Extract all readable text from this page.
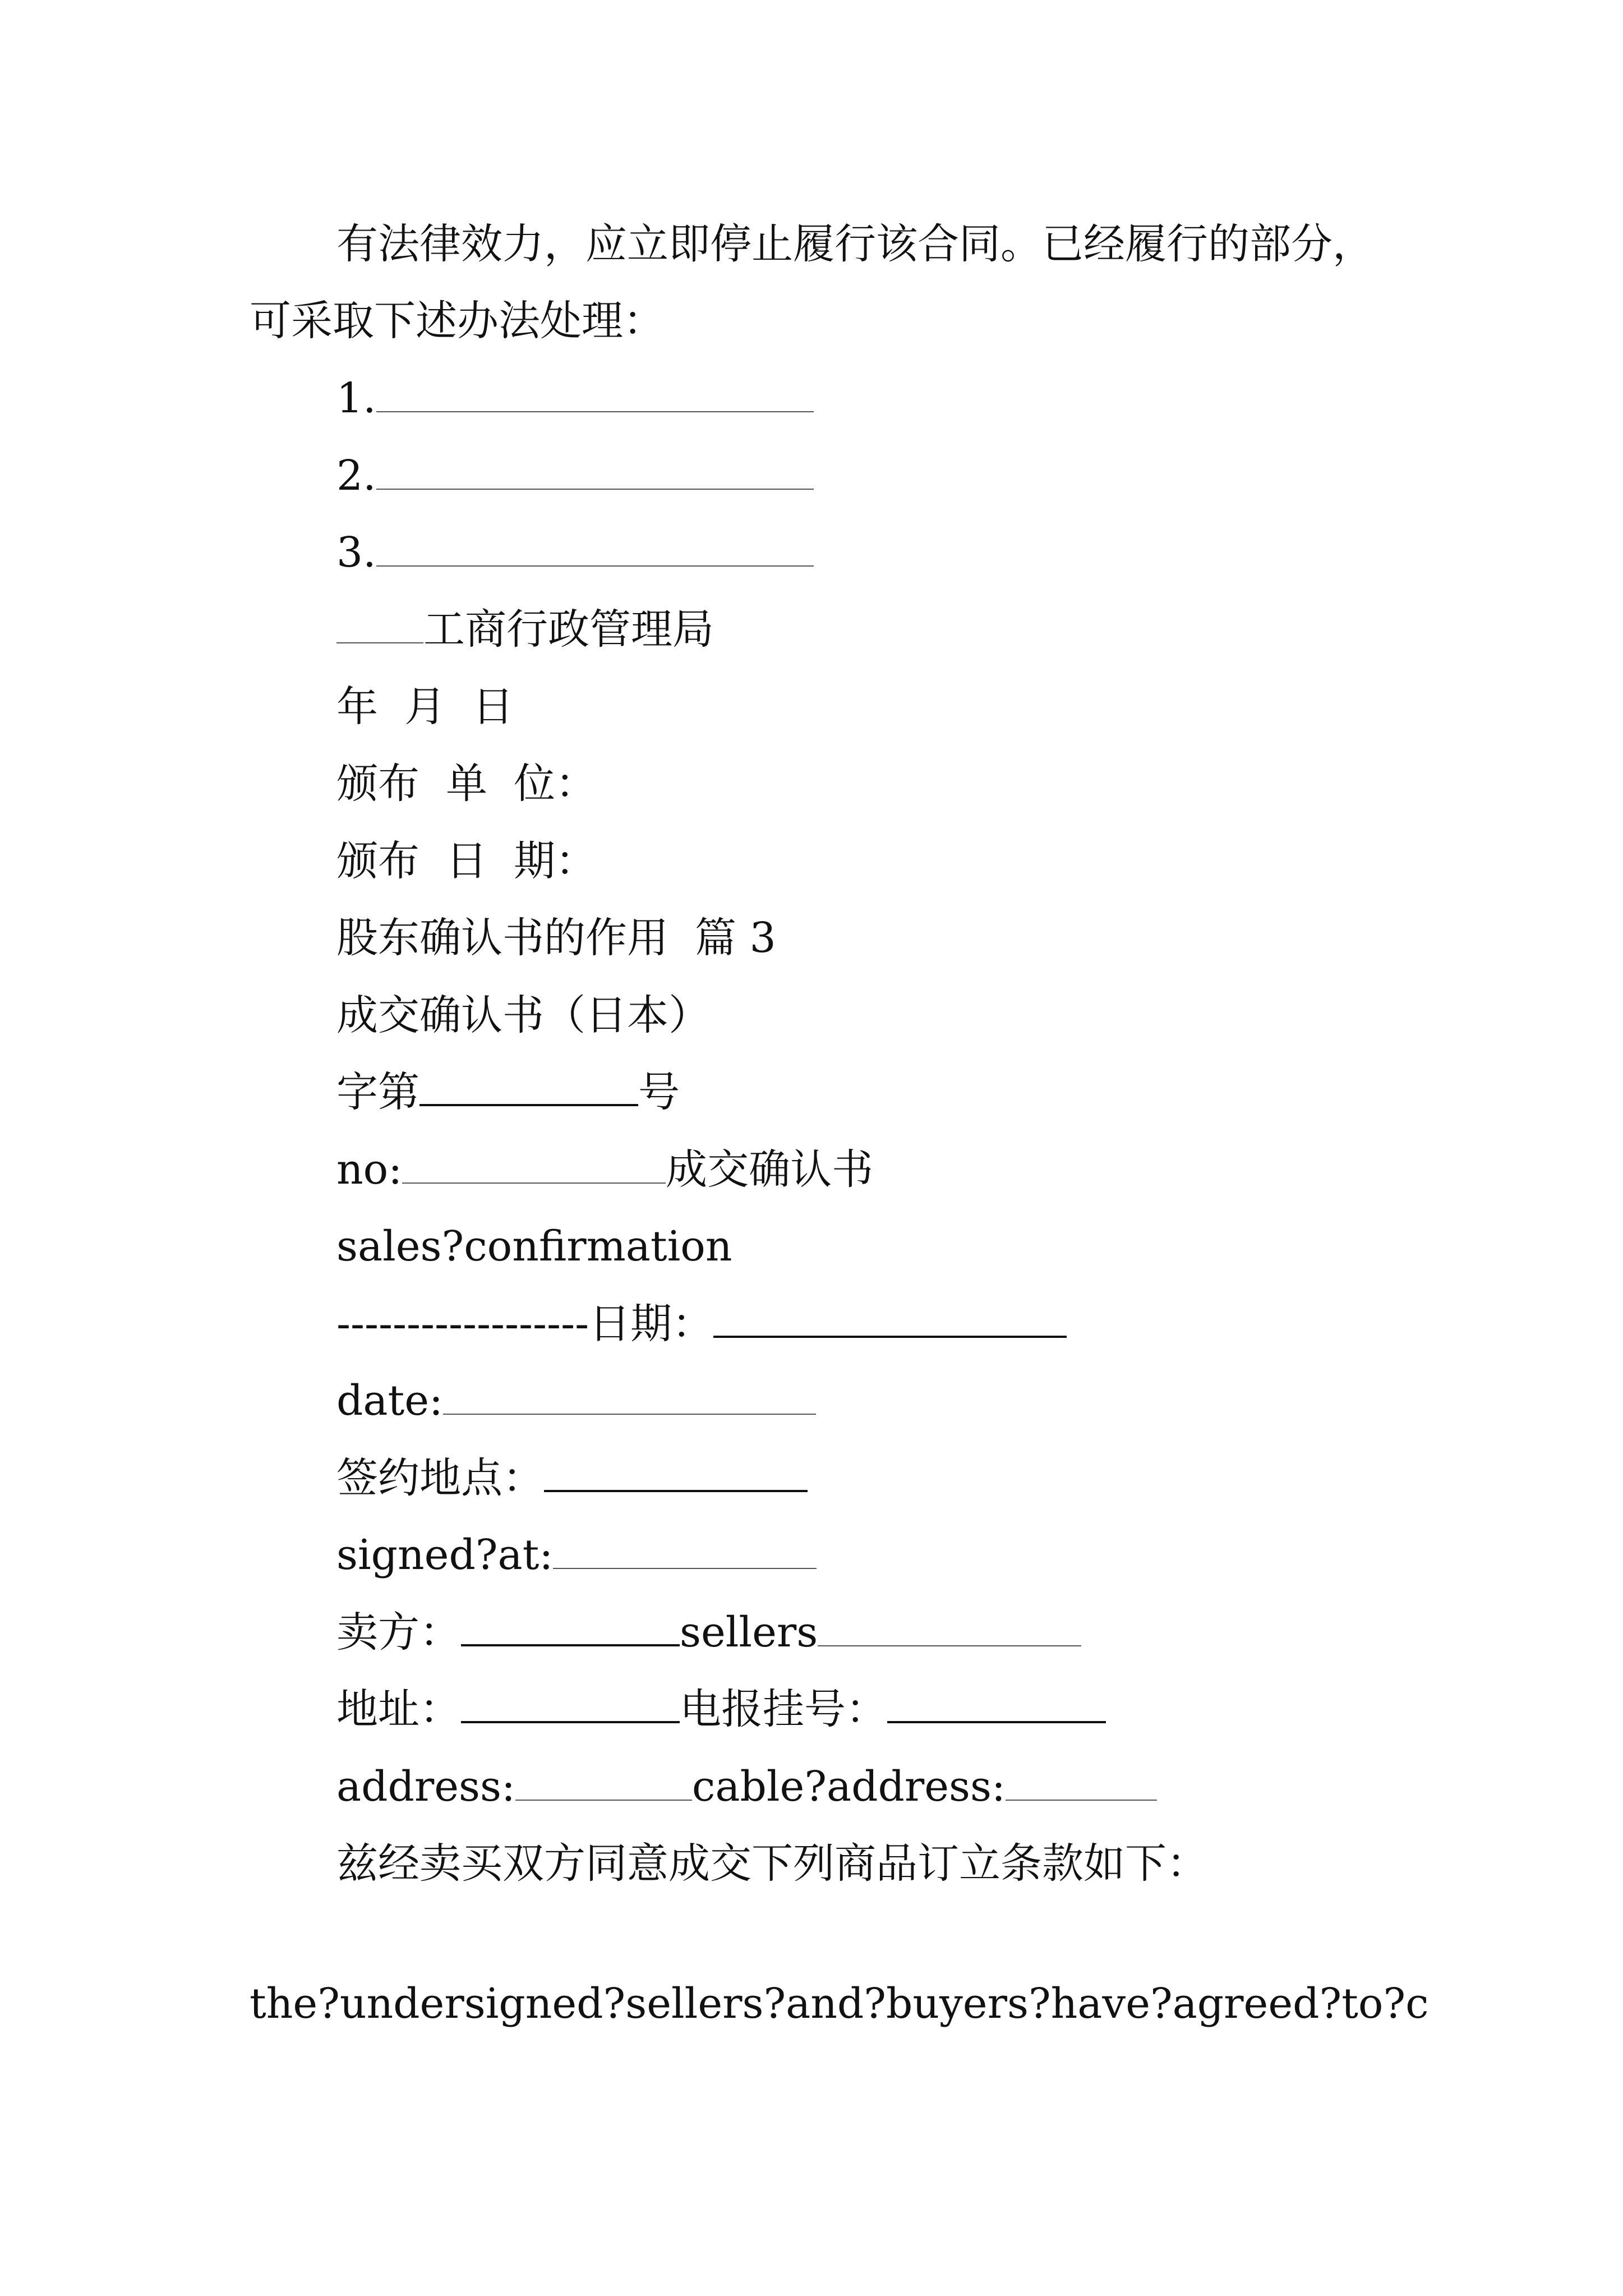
有法律效力，应立即停止履行该合同。已经履行的部分，
可采取下述办法处理：
1.
2.
3.
工商行政管理局
年  月  日
颁布  单  位：
颁布  日  期：
股东确认书的作用  篇 3
成交确认书（日本）
字第	号
no:	成交确认书
sales?confirmation
------------------日期：
date:
签约地点：
signed?at:
卖方：	sellers
地址：	电报挂号：
address:	cable?address:
兹经卖买双方同意成交下列商品订立条款如下：
the?undersigned?sellers?and?buyers?have?agreed?to?c
